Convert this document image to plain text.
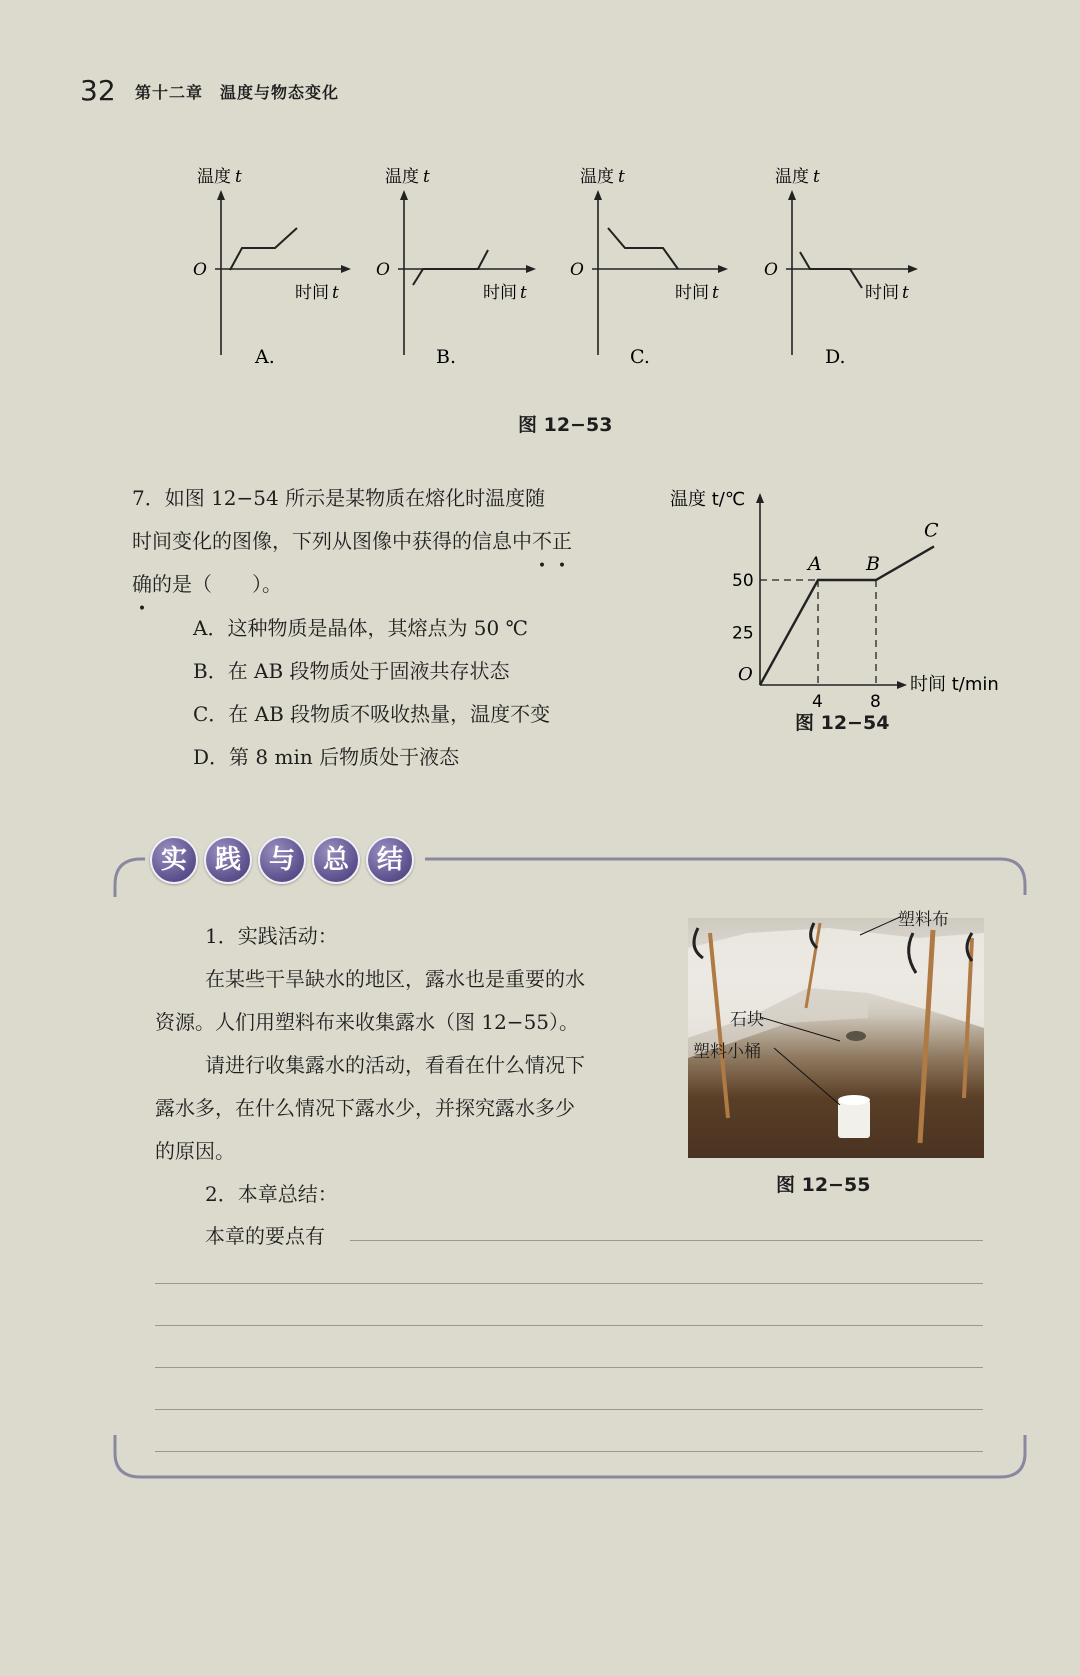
32 第十二章　温度与物态变化
温度 t
O
时间 t
A.
温度 t
O
时间 t
B.
温度 t
O
时间 t
C.
温度 t
O
时间 t
D.
图 12−53
7．如图 12−54 所示是某物质在熔化时温度随
时间变化的图像，下列从图像中获得的信息中不正
确的是（　　）。
A．这种物质是晶体，其熔点为 50 ℃
B．在 AB 段物质处于固液共存状态
C．在 AB 段物质不吸收热量，温度不变
D．第 8 min 后物质处于液态
温度 t/℃
时间 t/min
O
A B
C
4	8
25
50
图 12−54
实 践 与 总 结
1．实践活动：
在某些干旱缺水的地区，露水也是重要的水
资源。人们用塑料布来收集露水（图 12−55）。
请进行收集露水的活动，看看在什么情况下
露水多，在什么情况下露水少，并探究露水多少
的原因。
2．本章总结：
本章的要点有
塑料布
石块
塑料小桶
图 12−55
